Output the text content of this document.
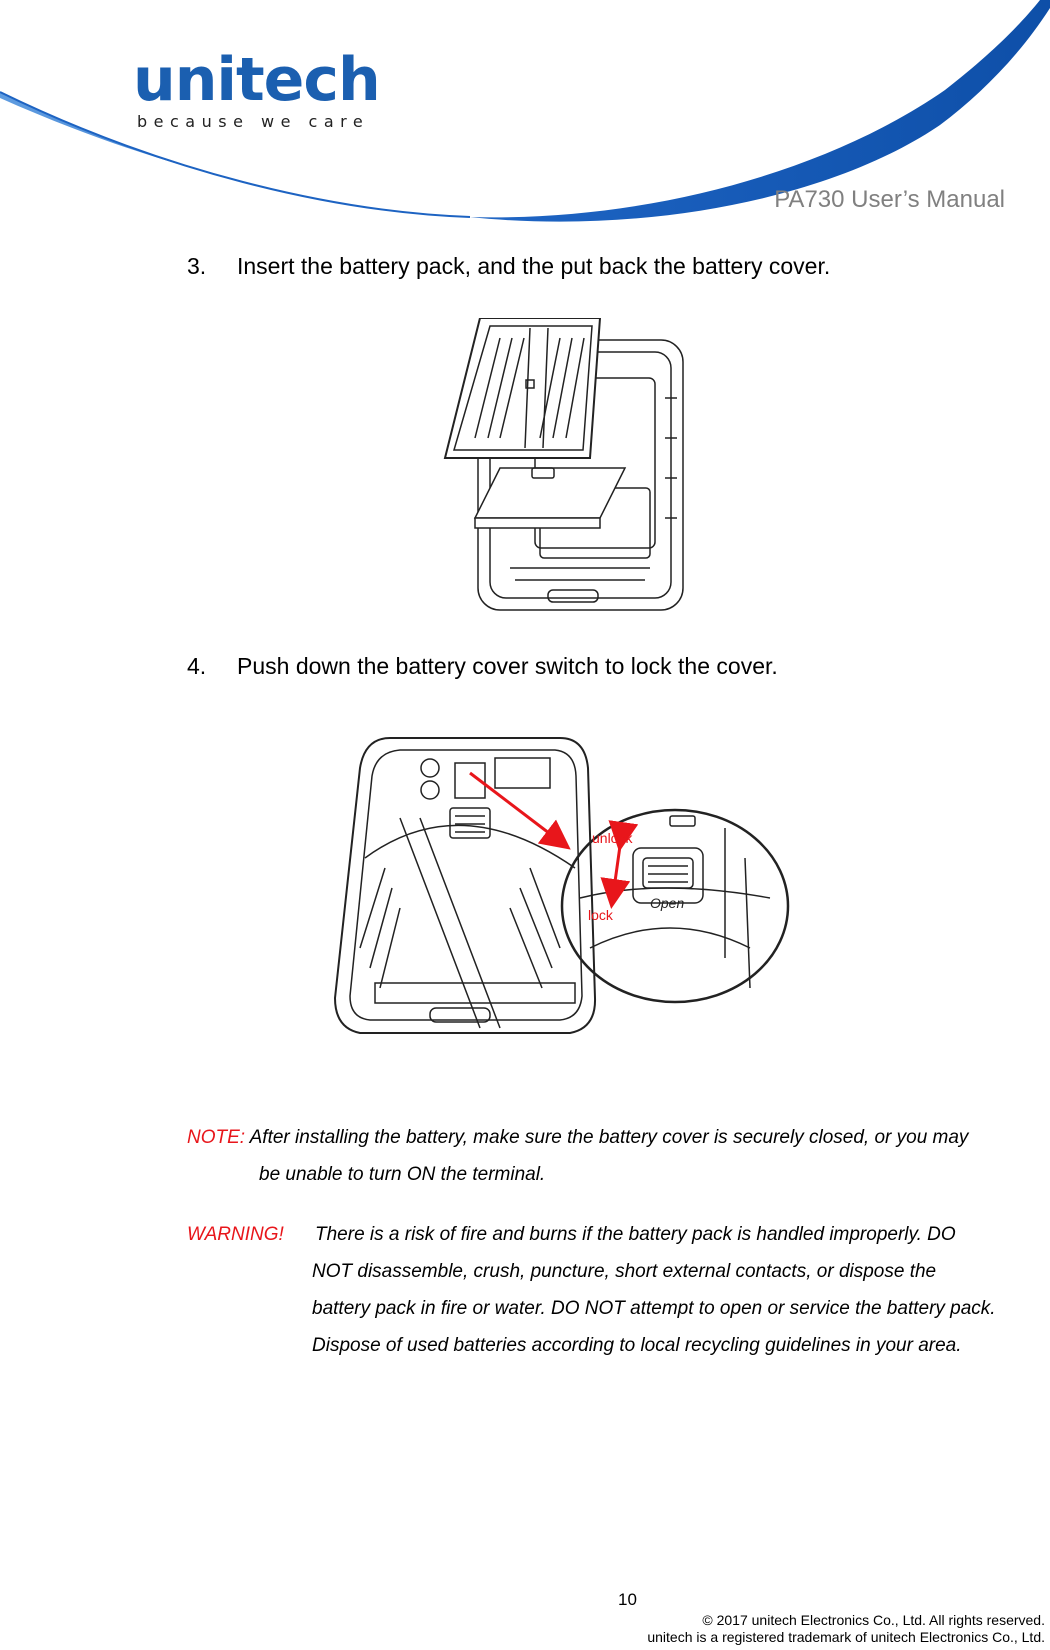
unitech
because we care
PA730 User’s Manual
3. Insert the battery pack, and the put back the battery cover.
4. Push down the battery cover switch to lock the cover.
unlock
lock
Open
NOTE: After installing the battery, make sure the battery cover is securely closed, or you may
be unable to turn ON the terminal.
WARNING! There is a risk of fire and burns if the battery pack is handled improperly. DO
NOT disassemble, crush, puncture, short external contacts, or dispose the
battery pack in fire or water. DO NOT attempt to open or service the battery pack.
Dispose of used batteries according to local recycling guidelines in your area.
10
© 2017 unitech Electronics Co., Ltd. All rights reserved.
unitech is a registered trademark of unitech Electronics Co., Ltd.
